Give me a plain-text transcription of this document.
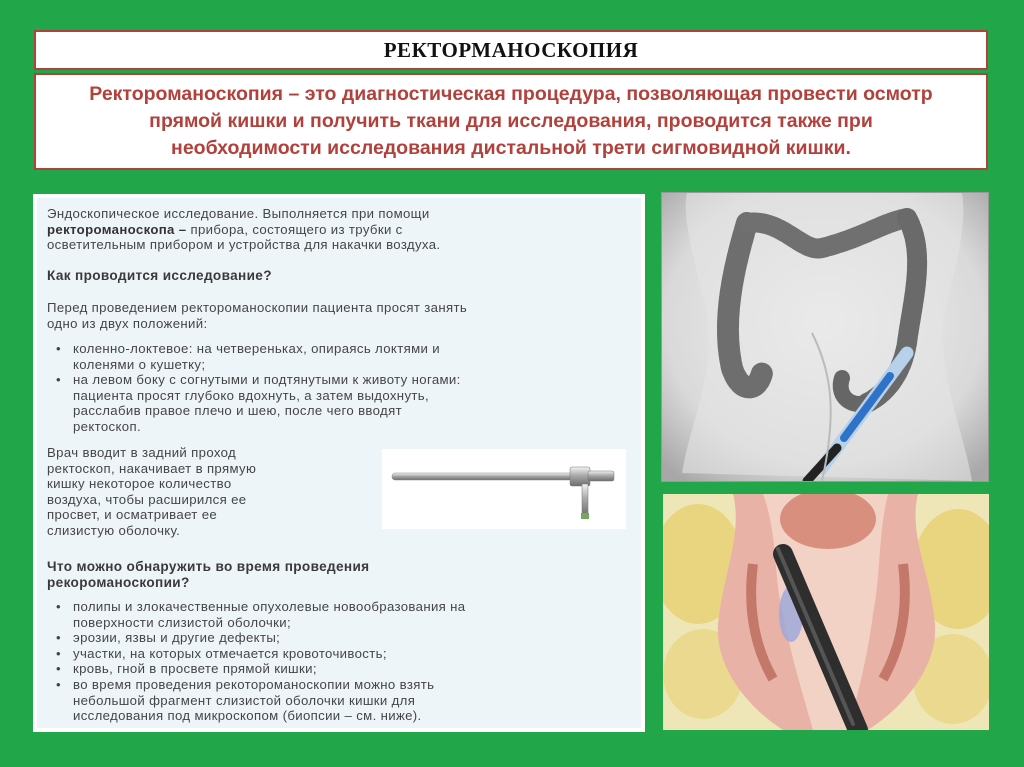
РЕКТОРМАНОСКОПИЯ

Ректороманоскопия – это диагностическая процедура, позволяющая провести осмотр прямой кишки и получить ткани для исследования, проводится также при необходимости исследования дистальной трети сигмовидной кишки.

Эндоскопическое исследование. Выполняется при помощи
ректороманоскопа – прибора, состоящего из трубки с
осветительным прибором и устройства для накачки воздуха.

Как проводится исследование?

Перед проведением ректороманоскопии пациента просят занять
одно из двух положений:

• коленно-локтевое: на четвереньках, опираясь локтями и
коленями о кушетку;
• на левом боку с согнутыми и подтянутыми к животу ногами:
пациента просят глубоко вдохнуть, а затем выдохнуть,
расслабив правое плечо и шею, после чего вводят
ректоскоп.

Врач вводит в задний проход
ректоскоп, накачивает в прямую
кишку некоторое количество
воздуха, чтобы расширился ее
просвет, и осматривает ее
слизистую оболочку.

Что можно обнаружить во время проведения
рекороманоскопии?

• полипы и злокачественные опухолевые новообразования на
поверхности слизистой оболочки;
• эрозии, язвы и другие дефекты;
• участки, на которых отмечается кровоточивость;
• кровь, гной в просвете прямой кишки;
• во время проведения рекотороманоскопии можно взять
небольшой фрагмент слизистой оболочки кишки для
исследования под микроскопом (биопсии – см. ниже).
